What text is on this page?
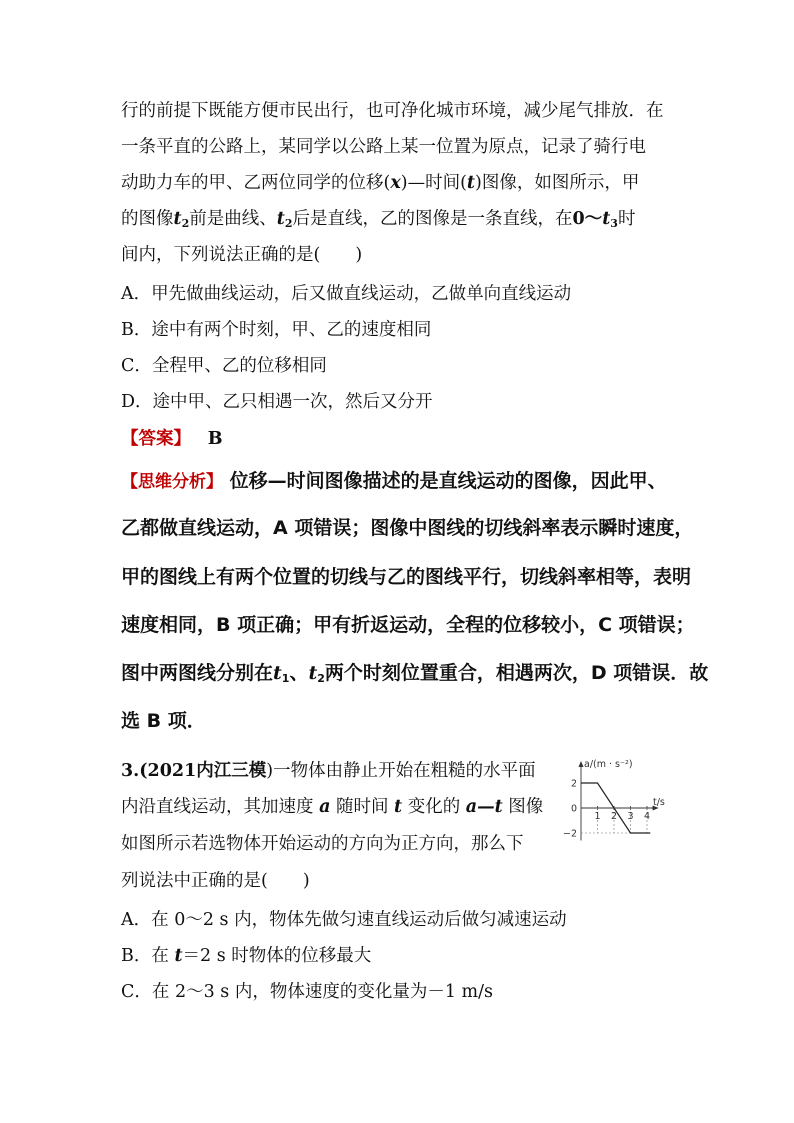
行的前提下既能方便市民出行，也可净化城市环境，减少尾气排放．在
一条平直的公路上，某同学以公路上某一位置为原点，记录了骑行电
动助力车的甲、乙两位同学的位移(x)—时间(t)图像，如图所示，甲
的图像$t_2$前是曲线、$t_2$后是直线，乙的图像是一条直线，在$0\sim t_3$时
间内，下列说法正确的是(　　)
A．甲先做曲线运动，后又做直线运动，乙做单向直线运动
B．途中有两个时刻，甲、乙的速度相同
C．全程甲、乙的位移相同
D．途中甲、乙只相遇一次，然后又分开
【答案】 B
【思维分析】 位移—时间图像描述的是直线运动的图像，因此甲、
乙都做直线运动，A 项错误；图像中图线的切线斜率表示瞬时速度，
甲的图线上有两个位置的切线与乙的图线平行，切线斜率相等，表明
速度相同，B 项正确；甲有折返运动，全程的位移较小，C 项错误；
图中两图线分别在$t_1$、$t_2$两个时刻位置重合，相遇两次，D 项错误．故
选 B 项．
3.(2021内江三模)一物体由静止开始在粗糙的水平面
内沿直线运动，其加速度 a 随时间 t 变化的 a—t 图像
如图所示若选物体开始运动的方向为正方向，那么下
列说法中正确的是(　　)
A．在 0～2 s 内，物体先做匀速直线运动后做匀减速运动
B．在 t＝2 s 时物体的位移最大
C．在 2～3 s 内，物体速度的变化量为－1 m/s
a/(m · s⁻²)
t/s
2
0
−2
1 2 3 4
